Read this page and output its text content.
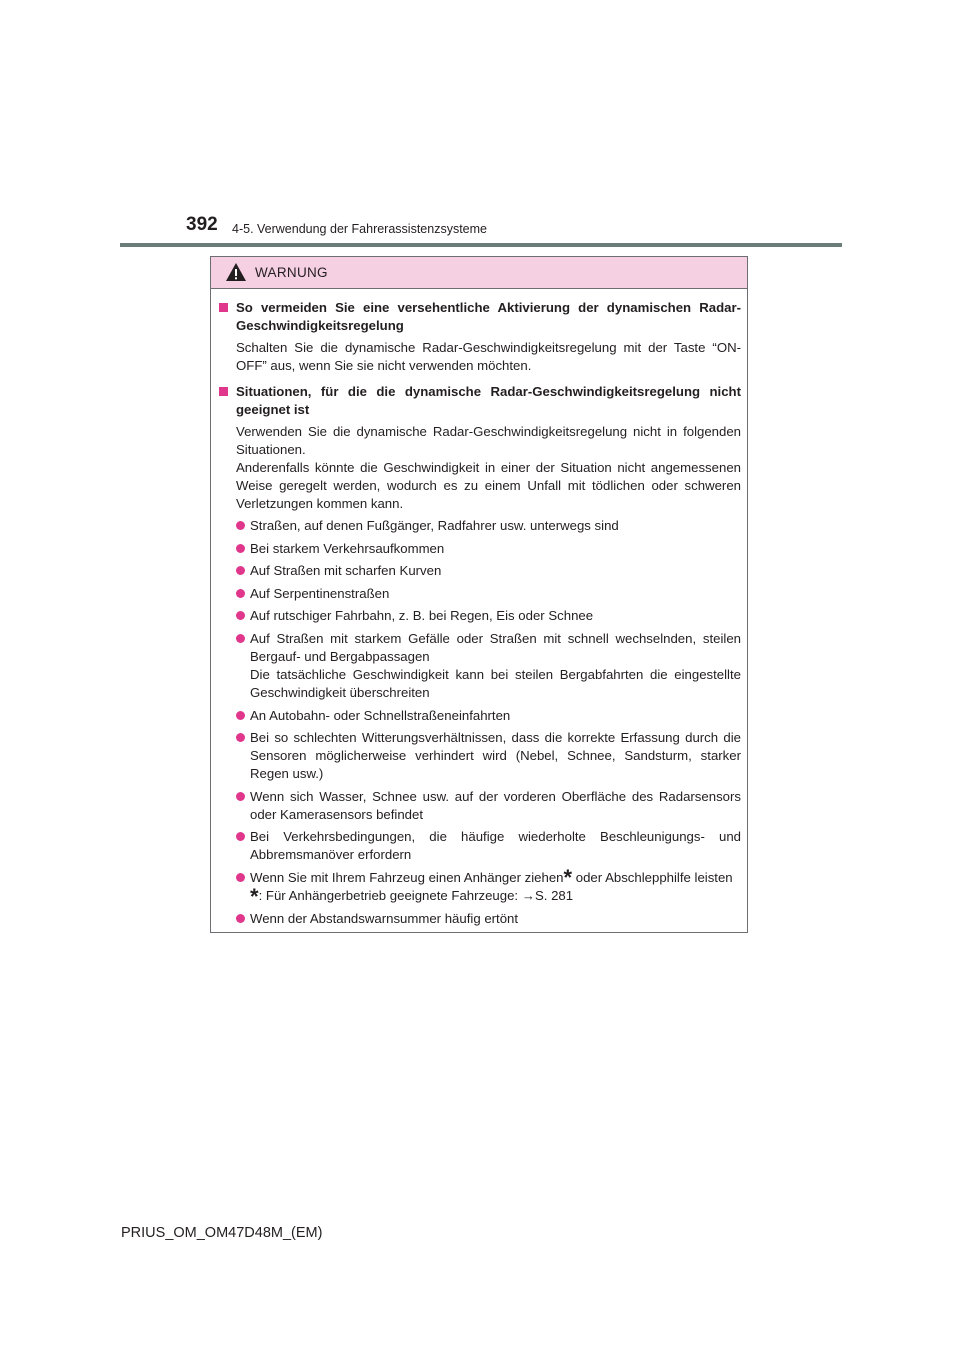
392 4-5. Verwendung der Fahrerassistenzsysteme
WARNUNG
So vermeiden Sie eine versehentliche Aktivierung der dynamischen Radar-Geschwindigkeitsregelung
Schalten Sie die dynamische Radar-Geschwindigkeitsregelung mit der Taste “ON-OFF” aus, wenn Sie sie nicht verwenden möchten.
Situationen, für die die dynamische Radar-Geschwindigkeitsregelung nicht geeignet ist
Verwenden Sie die dynamische Radar-Geschwindigkeitsregelung nicht in folgenden Situationen.
Anderenfalls könnte die Geschwindigkeit in einer der Situation nicht angemessenen Weise geregelt werden, wodurch es zu einem Unfall mit tödlichen oder schweren Verletzungen kommen kann.
Straßen, auf denen Fußgänger, Radfahrer usw. unterwegs sind
Bei starkem Verkehrsaufkommen
Auf Straßen mit scharfen Kurven
Auf Serpentinenstraßen
Auf rutschiger Fahrbahn, z. B. bei Regen, Eis oder Schnee
Auf Straßen mit starkem Gefälle oder Straßen mit schnell wechselnden, steilen Bergauf- und Bergabpassagen
Die tatsächliche Geschwindigkeit kann bei steilen Bergabfahrten die eingestellte Geschwindigkeit überschreiten
An Autobahn- oder Schnellstraßeneinfahrten
Bei so schlechten Witterungsverhältnissen, dass die korrekte Erfassung durch die Sensoren möglicherweise verhindert wird (Nebel, Schnee, Sandsturm, starker Regen usw.)
Wenn sich Wasser, Schnee usw. auf der vorderen Oberfläche des Radarsensors oder Kamerasensors befindet
Bei Verkehrsbedingungen, die häufige wiederholte Beschleunigungs- und Abbremsmanöver erfordern
Wenn Sie mit Ihrem Fahrzeug einen Anhänger ziehen* oder Abschlepphilfe leisten
*: Für Anhängerbetrieb geeignete Fahrzeuge: →S. 281
Wenn der Abstandswarnsummer häufig ertönt
PRIUS_OM_OM47D48M_(EM)
